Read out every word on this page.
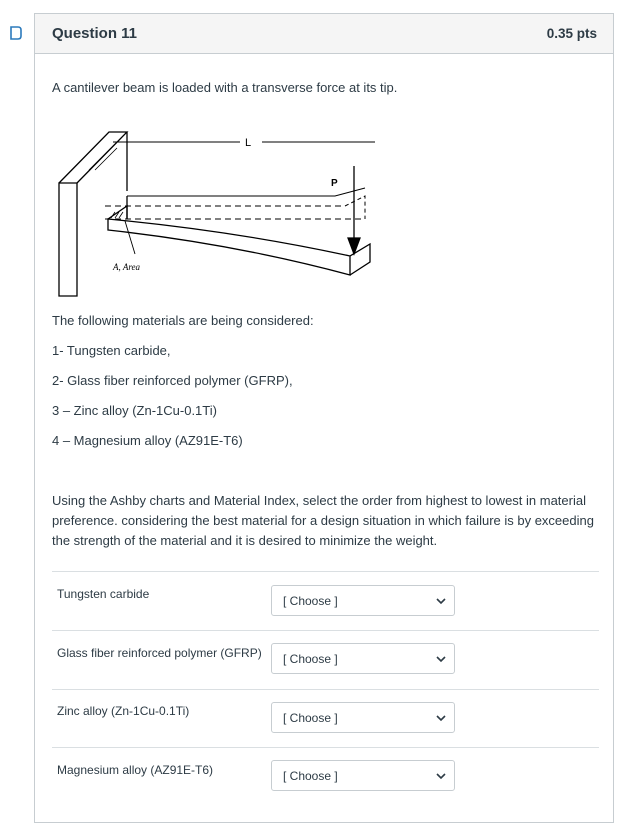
Question 11	0.35 pts
A cantilever beam is loaded with a transverse force at its tip.
L
P
A, Area
The following materials are being considered:
1- Tungsten carbide,
2- Glass fiber reinforced polymer (GFRP),
3 – Zinc alloy (Zn-1Cu-0.1Ti)
4 – Magnesium alloy (AZ91E-T6)
Using the Ashby charts and Material Index, select the order from highest to lowest in material preference. considering the best material for a design situation in which failure is by exceeding the strength of the material and it is desired to minimize the weight.
Tungsten carbide	[ Choose ]
Glass fiber reinforced polymer (GFRP) [ Choose ]
Zinc alloy (Zn-1Cu-0.1Ti)	[ Choose ]
Magnesium alloy (AZ91E-T6)	[ Choose ]
